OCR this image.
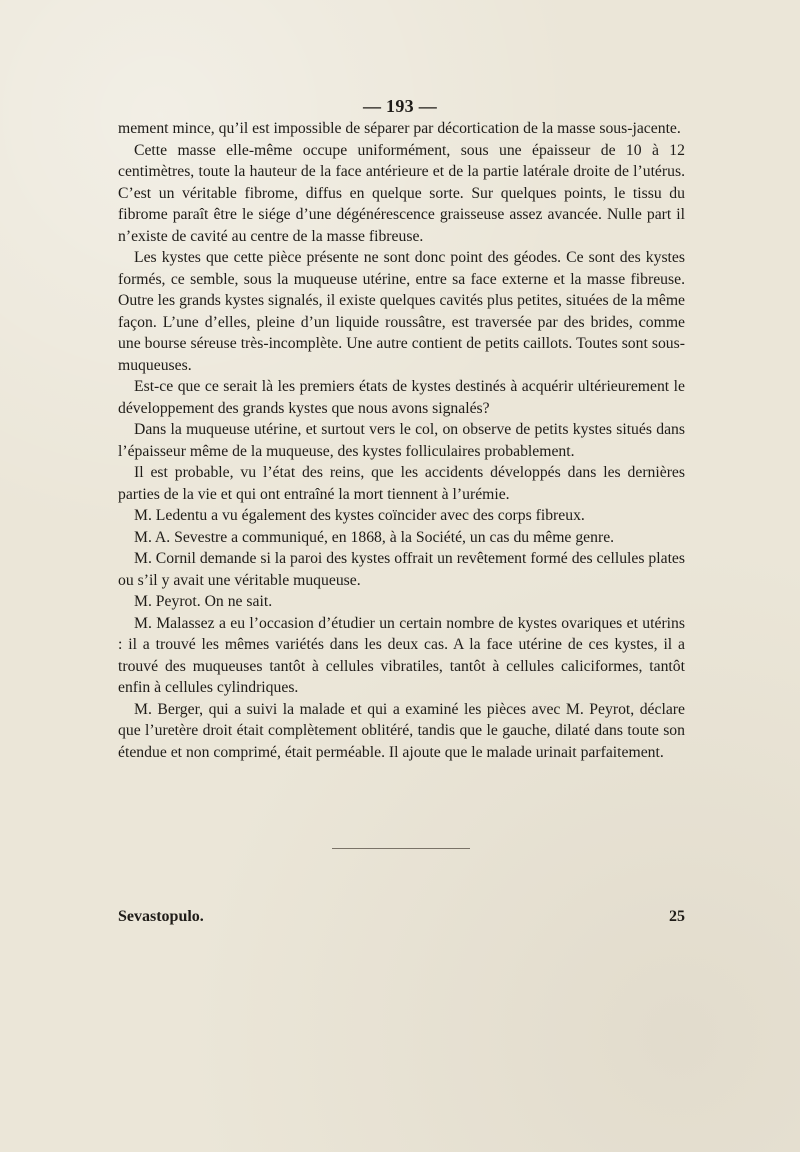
— 193 —

mement mince, qu’il est impossible de séparer par décortication de la masse sous-jacente.

Cette masse elle-même occupe uniformément, sous une épaisseur de 10 à 12 centimètres, toute la hauteur de la face antérieure et de la partie latérale droite de l’utérus. C’est un véritable fibrome, diffus en quelque sorte. Sur quelques points, le tissu du fibrome paraît être le siége d’une dégénérescence graisseuse assez avancée. Nulle part il n’existe de cavité au centre de la masse fibreuse.

Les kystes que cette pièce présente ne sont donc point des géodes. Ce sont des kystes formés, ce semble, sous la muqueuse utérine, entre sa face externe et la masse fibreuse. Outre les grands kystes signalés, il existe quelques cavités plus petites, situées de la même façon. L’une d’elles, pleine d’un liquide roussâtre, est traversée par des brides, comme une bourse séreuse très-incomplète. Une autre contient de petits caillots. Toutes sont sous-muqueuses.

Est-ce que ce serait là les premiers états de kystes destinés à acquérir ultérieurement le développement des grands kystes que nous avons signalés?

Dans la muqueuse utérine, et surtout vers le col, on observe de petits kystes situés dans l’épaisseur même de la muqueuse, des kystes folliculaires probablement.

Il est probable, vu l’état des reins, que les accidents développés dans les dernières parties de la vie et qui ont entraîné la mort tiennent à l’urémie.

M. Ledentu a vu également des kystes coïncider avec des corps fibreux.

M. A. Sevestre a communiqué, en 1868, à la Société, un cas du même genre.

M. Cornil demande si la paroi des kystes offrait un revêtement formé des cellules plates ou s’il y avait une véritable muqueuse.

M. Peyrot. On ne sait.

M. Malassez a eu l’occasion d’étudier un certain nombre de kystes ovariques et utérins : il a trouvé les mêmes variétés dans les deux cas. A la face utérine de ces kystes, il a trouvé des muqueuses tantôt à cellules vibratiles, tantôt à cellules caliciformes, tantôt enfin à cellules cylindriques.

M. Berger, qui a suivi la malade et qui a examiné les pièces avec M. Peyrot, déclare que l’uretère droit était complètement oblitéré, tandis que le gauche, dilaté dans toute son étendue et non comprimé, était perméable. Il ajoute que le malade urinait parfaitement.

Sevastopulo.	25
